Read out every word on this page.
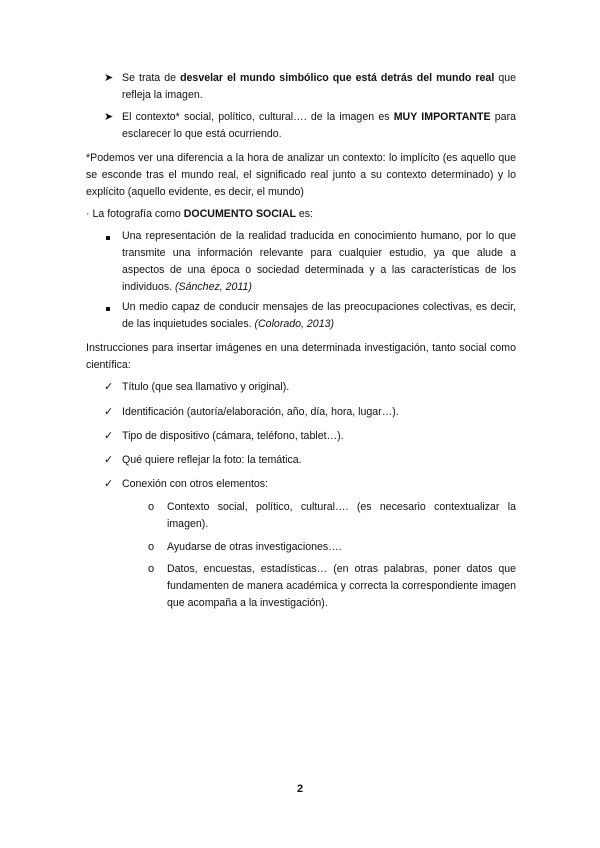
➤ Se trata de desvelar el mundo simbólico que está detrás del mundo real que refleja la imagen.
➤ El contexto* social, político, cultural…. de la imagen es MUY IMPORTANTE para esclarecer lo que está ocurriendo.
*Podemos ver una diferencia a la hora de analizar un contexto: lo implícito (es aquello que se esconde tras el mundo real, el significado real junto a su contexto determinado) y lo explícito (aquello evidente, es decir, el mundo)
· La fotografía como DOCUMENTO SOCIAL es:
Una representación de la realidad traducida en conocimiento humano, por lo que transmite una información relevante para cualquier estudio, ya que alude a aspectos de una época o sociedad determinada y a las características de los individuos. (Sánchez, 2011)
Un medio capaz de conducir mensajes de las preocupaciones colectivas, es decir, de las inquietudes sociales. (Colorado, 2013)
Instrucciones para insertar imágenes en una determinada investigación, tanto social como científica:
✓ Título (que sea llamativo y original).
✓ Identificación (autoría/elaboración, año, día, hora, lugar…).
✓ Tipo de dispositivo (cámara, teléfono, tablet…).
✓ Qué quiere reflejar la foto: la temática.
✓ Conexión con otros elementos:
o Contexto social, político, cultural…. (es necesario contextualizar la imagen).
o Ayudarse de otras investigaciones….
o Datos, encuestas, estadísticas… (en otras palabras, poner datos que fundamenten de manera académica y correcta la correspondiente imagen que acompaña a la investigación).
2
